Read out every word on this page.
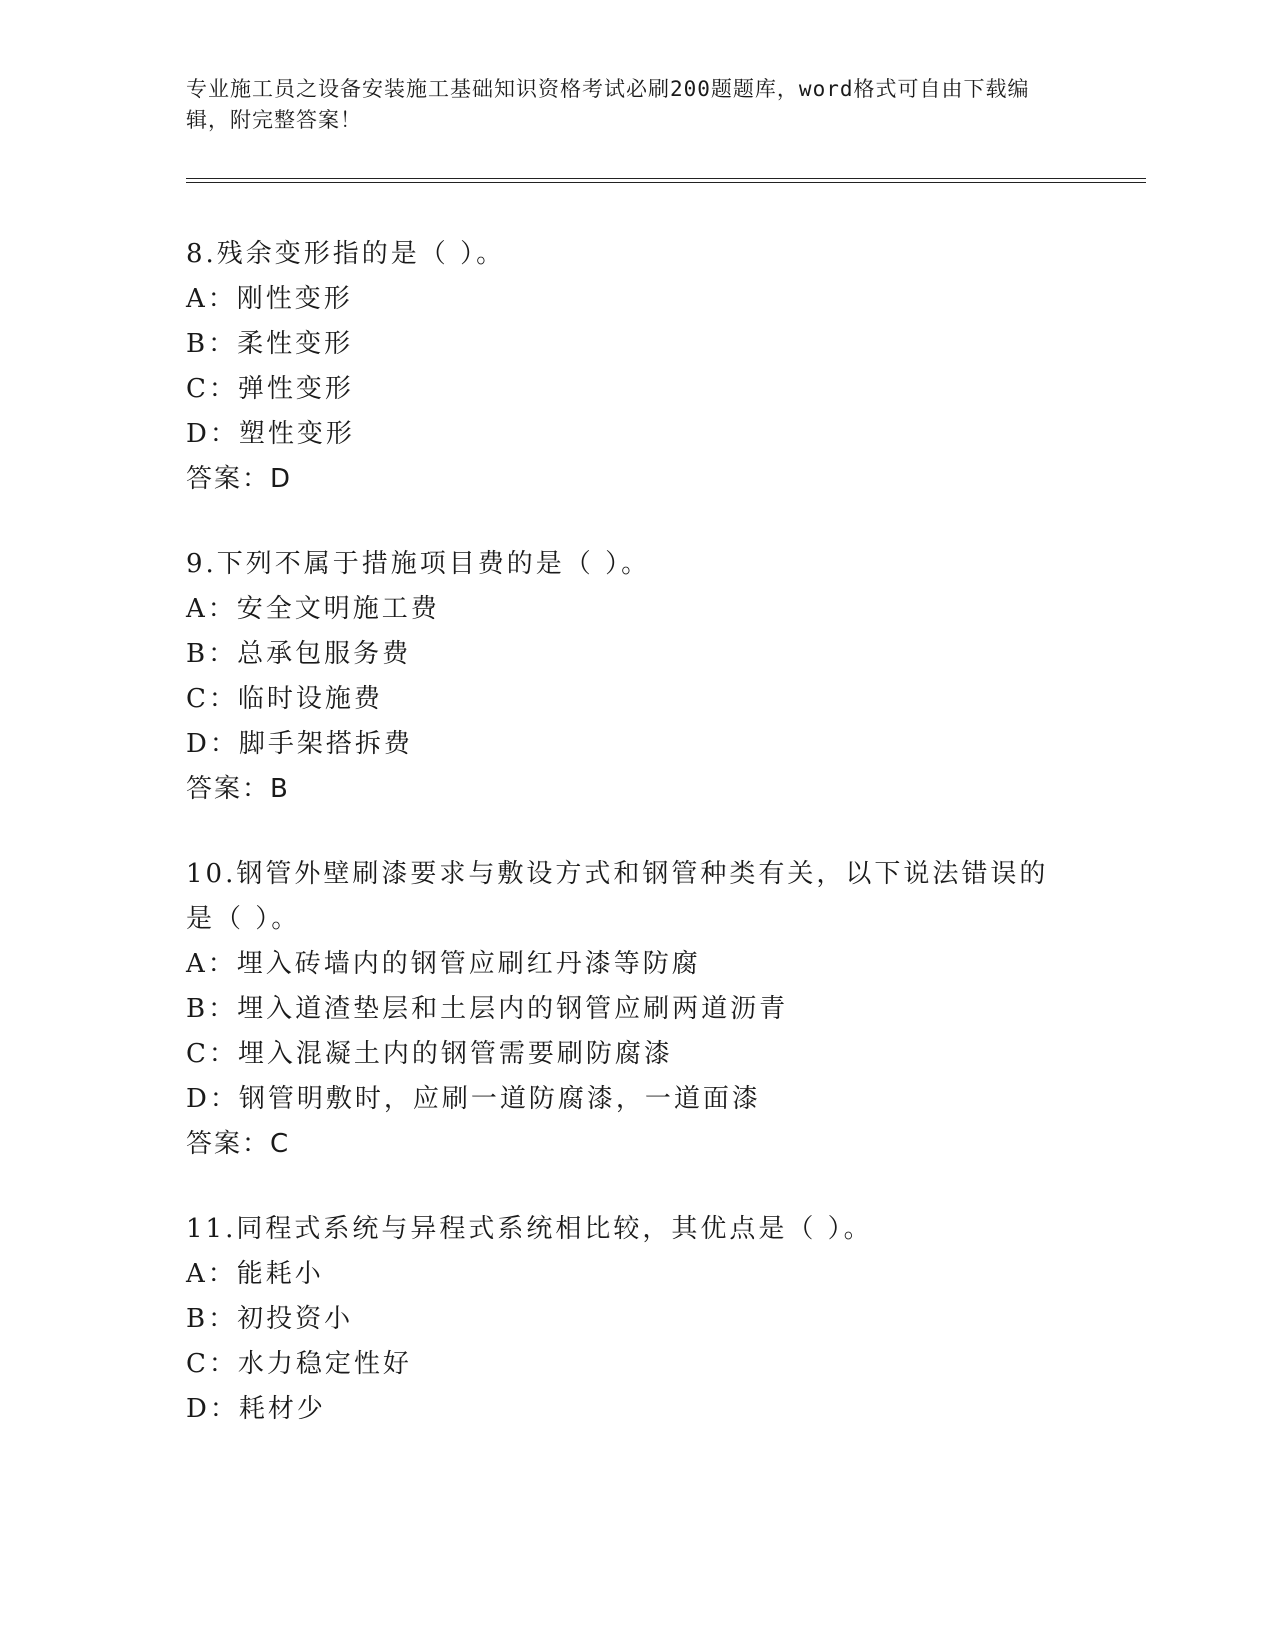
专业施工员之设备安装施工基础知识资格考试必刷200题题库，word格式可自由下载编辑，附完整答案！
8.残余变形指的是（ ）。
A：刚性变形
B：柔性变形
C：弹性变形
D：塑性变形
答案：D
9.下列不属于措施项目费的是（ ）。
A：安全文明施工费
B：总承包服务费
C：临时设施费
D：脚手架搭拆费
答案：B
10.钢管外壁刷漆要求与敷设方式和钢管种类有关，以下说法错误的是（ ）。
A：埋入砖墙内的钢管应刷红丹漆等防腐
B：埋入道渣垫层和土层内的钢管应刷两道沥青
C：埋入混凝土内的钢管需要刷防腐漆
D：钢管明敷时，应刷一道防腐漆，一道面漆
答案：C
11.同程式系统与异程式系统相比较，其优点是（ ）。
A：能耗小
B：初投资小
C：水力稳定性好
D：耗材少
